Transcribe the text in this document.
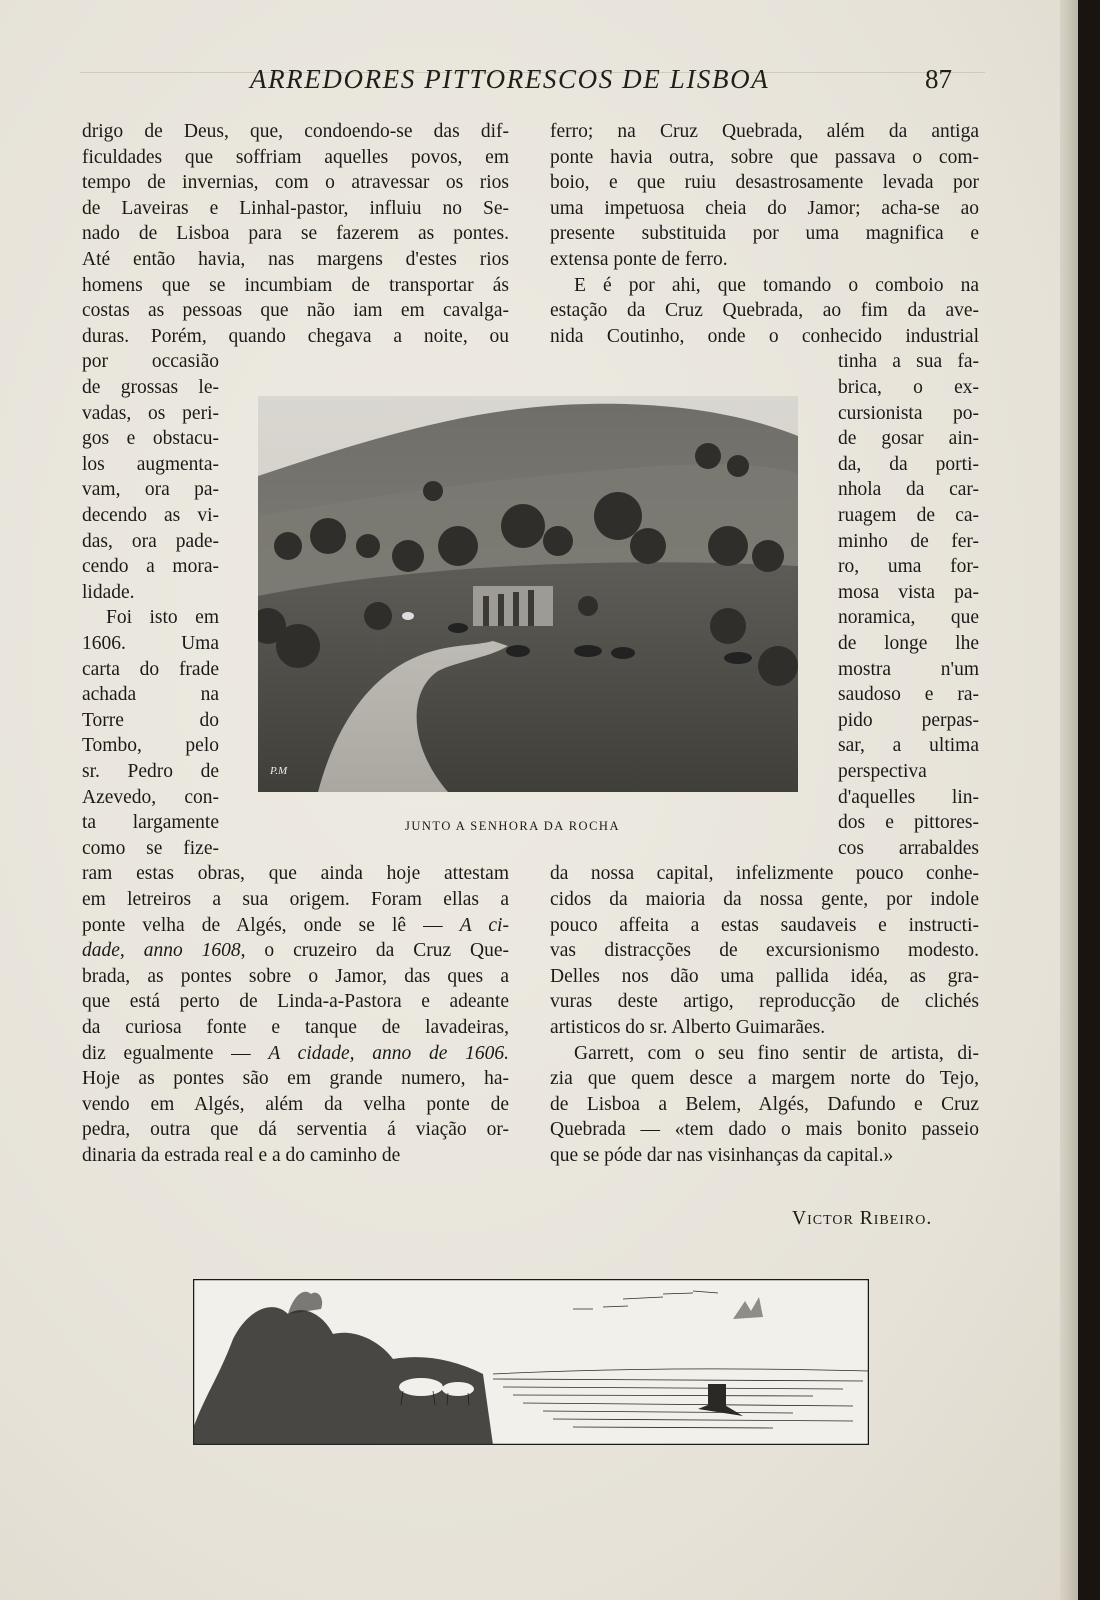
ARREDORES PITTORESCOS DE LISBOA	87
drigo de Deus, que, condoendo-se das dif-
ficuldades que soffriam aquelles povos, em
tempo de invernias, com o atravessar os rios
de Laveiras e Linhal-pastor, influiu no Se-
nado de Lisboa para se fazerem as pontes.
Até então havia, nas margens d'estes rios
homens que se incumbiam de transportar ás
costas as pessoas que não iam em cavalga-
duras. Porém, quando chegava a noite, ou
por occasião
de grossas le-
vadas, os peri-
gos e obstacu-
los augmenta-
vam, ora pa-
decendo as vi-
das, ora pade-
cendo a mora-
lidade.
Foi isto em
1606. Uma
carta do frade
achada na
Torre do
Tombo, pelo
sr. Pedro de
Azevedo, con-
ta largamente
como se fize-
ram estas obras, que ainda hoje attestam
em letreiros a sua origem. Foram ellas a
ponte velha de Algés, onde se lê — A ci-
dade, anno 1608, o cruzeiro da Cruz Que-
brada, as pontes sobre o Jamor, das ques a
que está perto de Linda-a-Pastora e adeante
da curiosa fonte e tanque de lavadeiras,
diz egualmente — A cidade, anno de 1606.
Hoje as pontes são em grande numero, ha-
vendo em Algés, além da velha ponte de
pedra, outra que dá serventia á viação or-
dinaria da estrada real e a do caminho de
ferro; na Cruz Quebrada, além da antiga
ponte havia outra, sobre que passava o com-
boio, e que ruiu desastrosamente levada por
uma impetuosa cheia do Jamor; acha-se ao
presente substituida por uma magnifica e
extensa ponte de ferro.
E é por ahi, que tomando o comboio na
estação da Cruz Quebrada, ao fim da ave-
nida Coutinho, onde o conhecido industrial
tinha a sua fa-
brica, o ex-
cursionista po-
de gosar ain-
da, da porti-
nhola da car-
ruagem de ca-
minho de fer-
ro, uma for-
mosa vista pa-
noramica, que
de longe lhe
mostra n'um
saudoso e ra-
pido perpas-
sar, a ultima
perspectiva
d'aquelles lin-
dos e pittores-
cos arrabaldes
da nossa capital, infelizmente pouco conhe-
cidos da maioria da nossa gente, por indole
pouco affeita a estas saudaveis e instructi-
vas distracções de excursionismo modesto.
Delles nos dão uma pallida idéa, as gra-
vuras deste artigo, reproducção de clichés
artisticos do sr. Alberto Guimarães.
Garrett, com o seu fino sentir de artista, di-
zia que quem desce a margem norte do Tejo,
de Lisboa a Belem, Algés, Dafundo e Cruz
Quebrada — «tem dado o mais bonito passeio
que se póde dar nas visinhanças da capital.»
P.M
JUNTO A SENHORA DA ROCHA
Victor Ribeiro.
